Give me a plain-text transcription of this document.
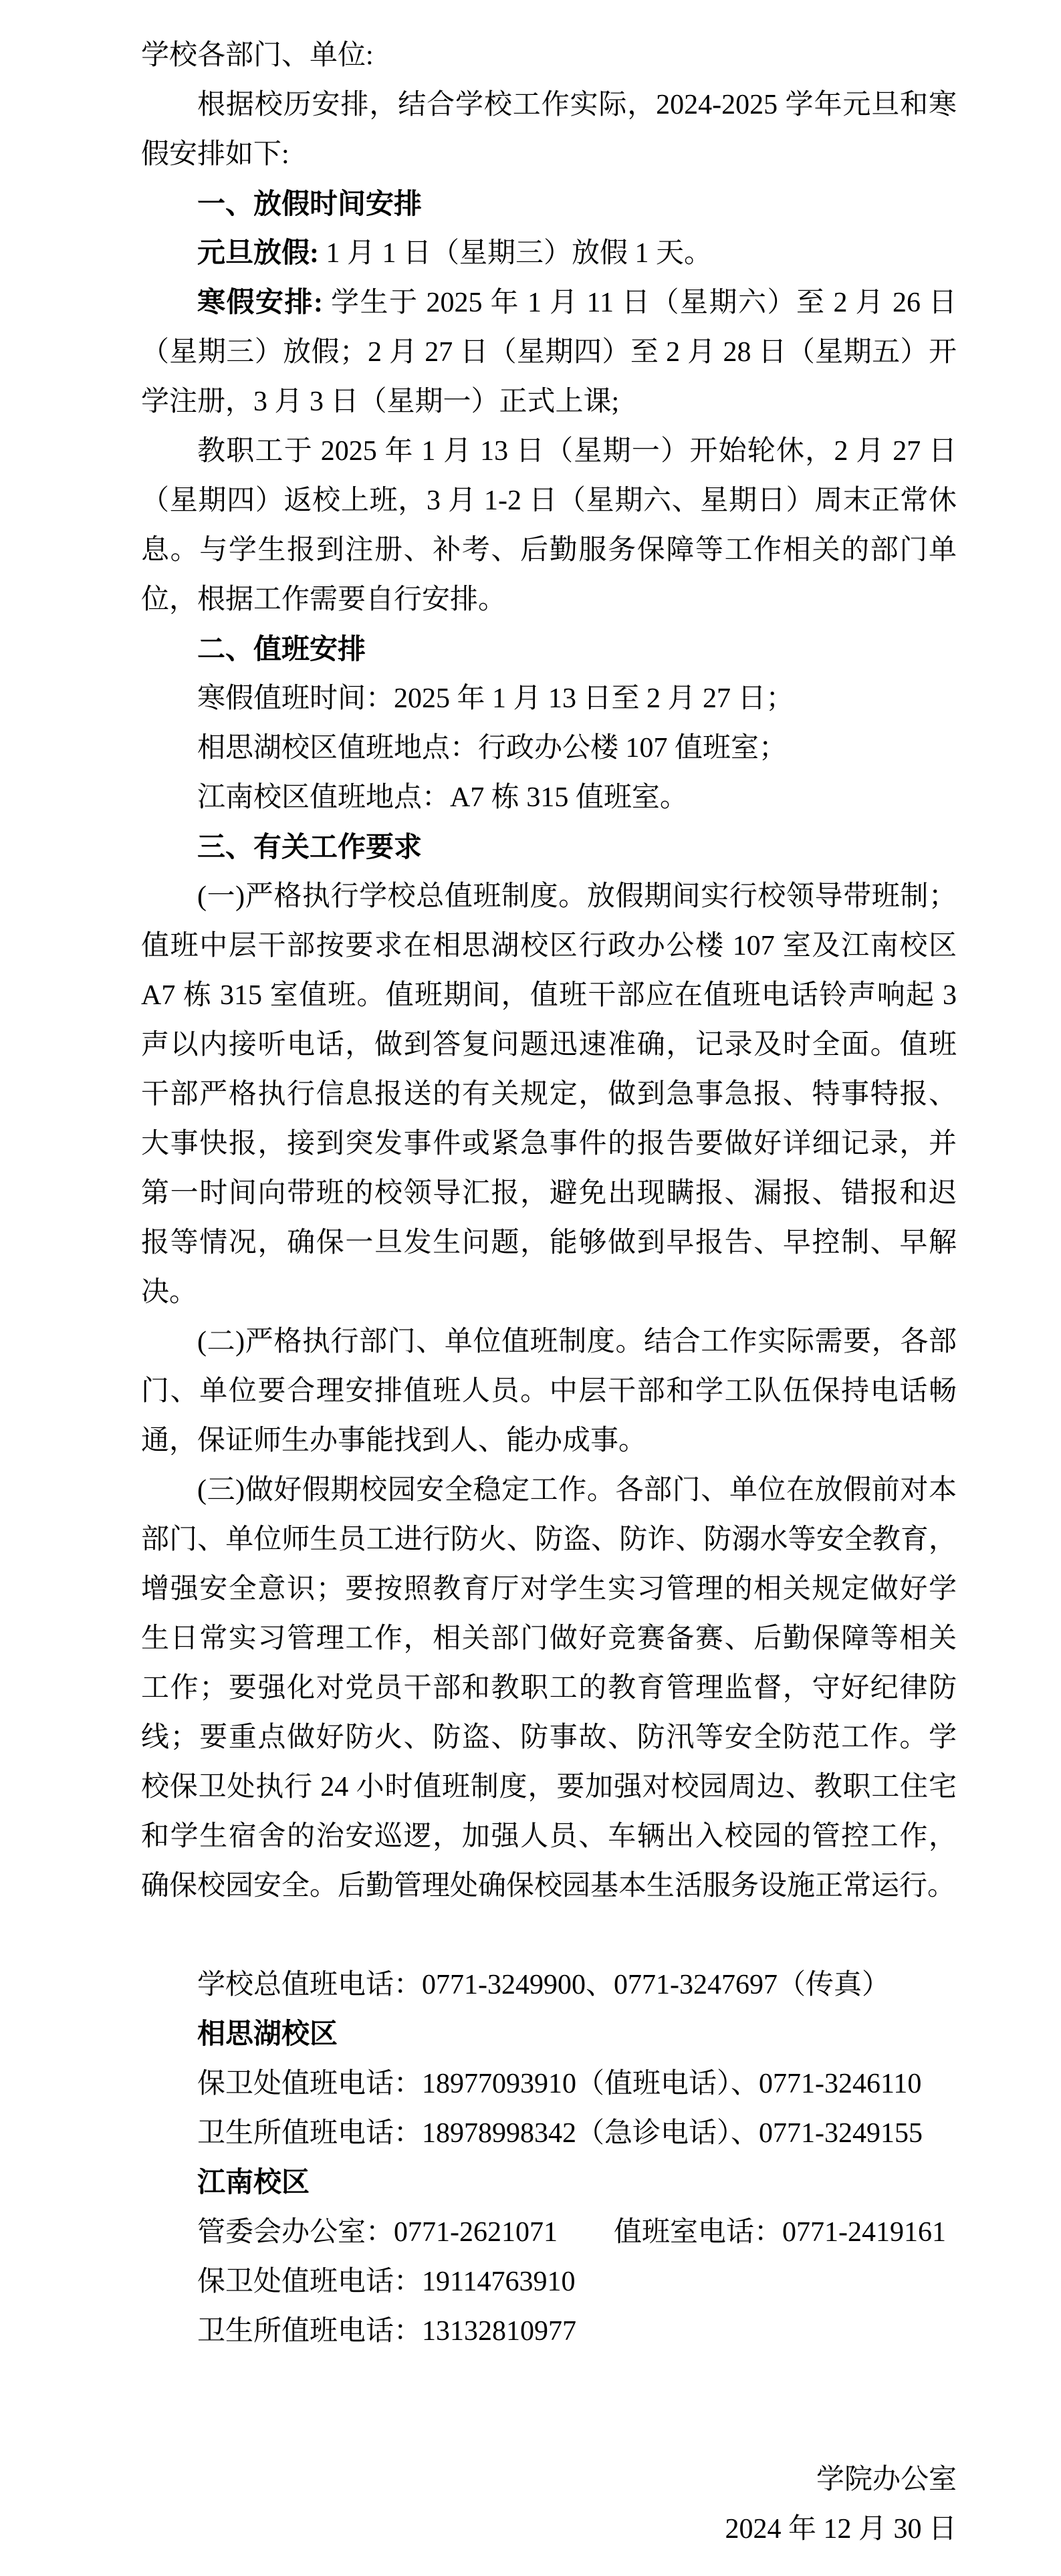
学校各部门、单位:
根据校历安排，结合学校工作实际，2024-2025 学年元旦和寒
假安排如下:
一、放假时间安排
元旦放假: 1 月 1 日（星期三）放假 1 天。
寒假安排: 学生于 2025 年 1 月 11 日（星期六）至 2 月 26 日
（星期三）放假；2 月 27 日（星期四）至 2 月 28 日（星期五）开
学注册，3 月 3 日（星期一）正式上课;
教职工于 2025 年 1 月 13 日（星期一）开始轮休，2 月 27 日
（星期四）返校上班，3 月 1-2 日（星期六、星期日）周末正常休
息。与学生报到注册、补考、后勤服务保障等工作相关的部门单
位，根据工作需要自行安排。
二、值班安排
寒假值班时间：2025 年 1 月 13 日至 2 月 27 日；
相思湖校区值班地点：行政办公楼 107 值班室；
江南校区值班地点：A7 栋 315 值班室。
三、有关工作要求
(一)严格执行学校总值班制度。放假期间实行校领导带班制；
值班中层干部按要求在相思湖校区行政办公楼 107 室及江南校区
A7 栋 315 室值班。值班期间，值班干部应在值班电话铃声响起 3
声以内接听电话，做到答复问题迅速准确，记录及时全面。值班
干部严格执行信息报送的有关规定，做到急事急报、特事特报、
大事快报，接到突发事件或紧急事件的报告要做好详细记录，并
第一时间向带班的校领导汇报，避免出现瞒报、漏报、错报和迟
报等情况，确保一旦发生问题，能够做到早报告、早控制、早解
决。
(二)严格执行部门、单位值班制度。结合工作实际需要，各部
门、单位要合理安排值班人员。中层干部和学工队伍保持电话畅
通，保证师生办事能找到人、能办成事。
(三)做好假期校园安全稳定工作。各部门、单位在放假前对本
部门、单位师生员工进行防火、防盗、防诈、防溺水等安全教育，
增强安全意识；要按照教育厅对学生实习管理的相关规定做好学
生日常实习管理工作，相关部门做好竞赛备赛、后勤保障等相关
工作；要强化对党员干部和教职工的教育管理监督，守好纪律防
线；要重点做好防火、防盗、防事故、防汛等安全防范工作。学
校保卫处执行 24 小时值班制度，要加强对校园周边、教职工住宅
和学生宿舍的治安巡逻，加强人员、车辆出入校园的管控工作，
确保校园安全。后勤管理处确保校园基本生活服务设施正常运行。
学校总值班电话：0771-3249900、0771-3247697（传真）
相思湖校区
保卫处值班电话：18977093910（值班电话）、0771-3246110
卫生所值班电话：18978998342（急诊电话）、0771-3249155
江南校区
管委会办公室：0771-2621071　　值班室电话：0771-2419161
保卫处值班电话：19114763910
卫生所值班电话：13132810977
学院办公室
2024 年 12 月 30 日
